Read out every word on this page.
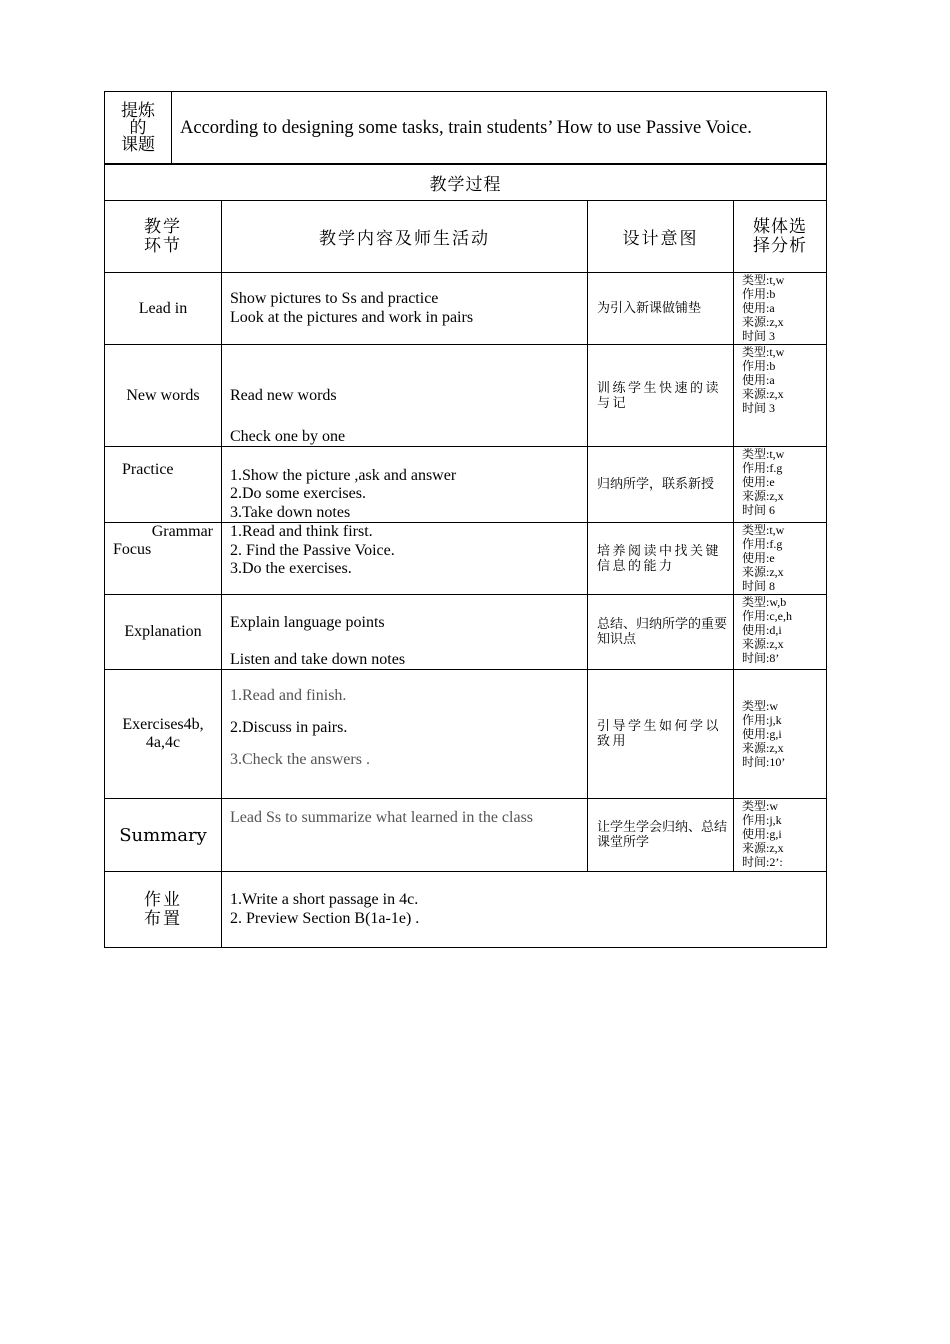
提炼
的
课题
	According to designing some tasks, train students’ How to use Passive Voice.
教学过程			

教学
环节	教学内容及师生活动	设计意图	媒体选
择分析

Lead in	Show pictures to Ss and practice
Look at the pictures and work in pairs	为引入新课做铺垫	类型:t,w
作用:b
使用:a
来源:z,x
时间 3

New words	Read new words
Check one by one	训练学生快速的读与记	类型:t,w
作用:b
使用:a
来源:z,x
时间 3

Practice	1.Show the picture ,ask and answer
2.Do some exercises.
3.Take down notes	归纳所学，联系新授	类型:t,w
作用:f.g
使用:e
来源:z,x
时间 6

Grammar
Focus	1.Read and think first.
2. Find the Passive Voice.
3.Do the exercises.	培养阅读中找关键信息的能力	类型:t,w
作用:f.g
使用:e
来源:z,x
时间 8

Explanation	Explain language points
Listen and take down notes	总结、归纳所学的重要知识点	类型:w,b
作用:c,e,h
使用:d,i
来源:z,x
时间:8’

Exercises4b,
4a,4c	1.Read and finish.
2.Discuss in pairs.
3.Check the answers .	引导学生如何学以致用	类型:w
作用:j,k
使用:g,i
来源:z,x
时间:10’

Summary	Lead Ss to summarize what learned in the class	让学生学会归纳、总结课堂所学	类型:w
作用:j,k
使用:g,i
来源:z,x
时间:2’:

作业
布置	1.Write a short passage in 4c.
2. Preview Section B(1a-1e) .		
